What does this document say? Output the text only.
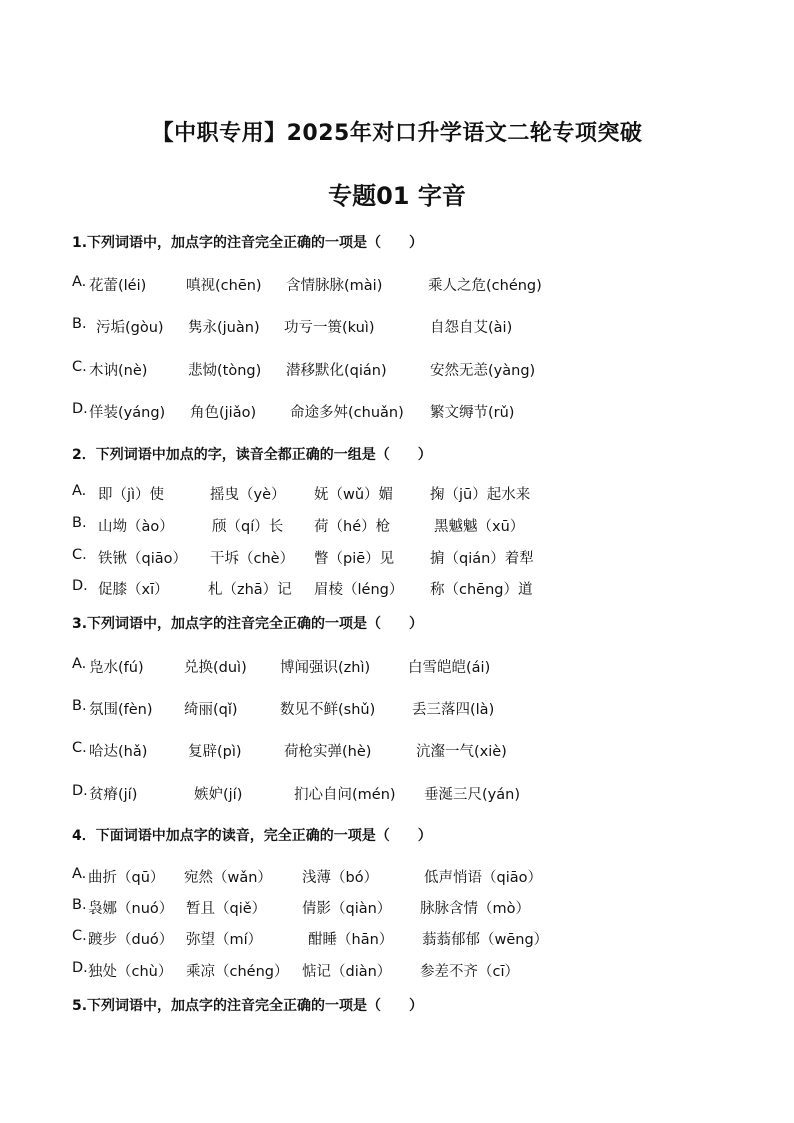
【中职专用】2025年对口升学语文二轮专项突破
专题01 字音
1.下列词语中，加点字的注音完全正确的一项是（　　）
A. 花蕾(léi)	嗔视(chēn) 含情脉脉(mài)	乘人之危(chéng)
B. 污垢(gòu) 隽永(juàn) 功亏一篑(kuì)	自怨自艾(ài)
C. 木讷(nè)	悲恸(tòng) 潜移默化(qián)	安然无恙(yàng)
D. 佯装(yáng) 角色(jiǎo) 命途多舛(chuǎn) 繁文缛节(rǔ)
2．下列词语中加点的字，读音全都正确的一组是（　　）
A. 即（jì）使	摇曳（yè） 妩（wǔ）媚	掬（jū）起水来
B. 山坳（ào）	颀（qí）长 荷（hé）枪	黑魆魆（xū）
C. 铁锹（qiāo） 干坼（chè） 瞥（piē）见 掮（qián）着犁
D. 促膝（xī）	札（zhā）记 眉棱（léng） 称（chēng）道
3.下列词语中，加点字的注音完全正确的一项是（　　）
A. 凫水(fú)	兑换(duì) 博闻强识(zhì)	白雪皑皑(ái)
B. 氛围(fèn) 绮丽(qǐ)	数见不鲜(shǔ)	丢三落四(là)
C. 哈达(hǎ)	复辟(pì)	荷枪实弹(hè)	沆瀣一气(xiè)
D. 贫瘠(jí)	嫉妒(jí)	扪心自问(mén) 垂涎三尺(yán)
4．下面词语中加点字的读音，完全正确的一项是（　　）
A. 曲折（qū） 宛然（wǎn） 浅薄（bó）	低声悄语（qiāo）
B. 袅娜（nuó） 暂且（qiě） 倩影（qiàn） 脉脉含情（mò）
C. 踱步（duó） 弥望（mí）	酣睡（hān） 蓊蓊郁郁（wēng）
D. 独处（chù） 乘凉（chéng） 惦记（diàn） 参差不齐（cī）
5.下列词语中，加点字的注音完全正确的一项是（　　）
